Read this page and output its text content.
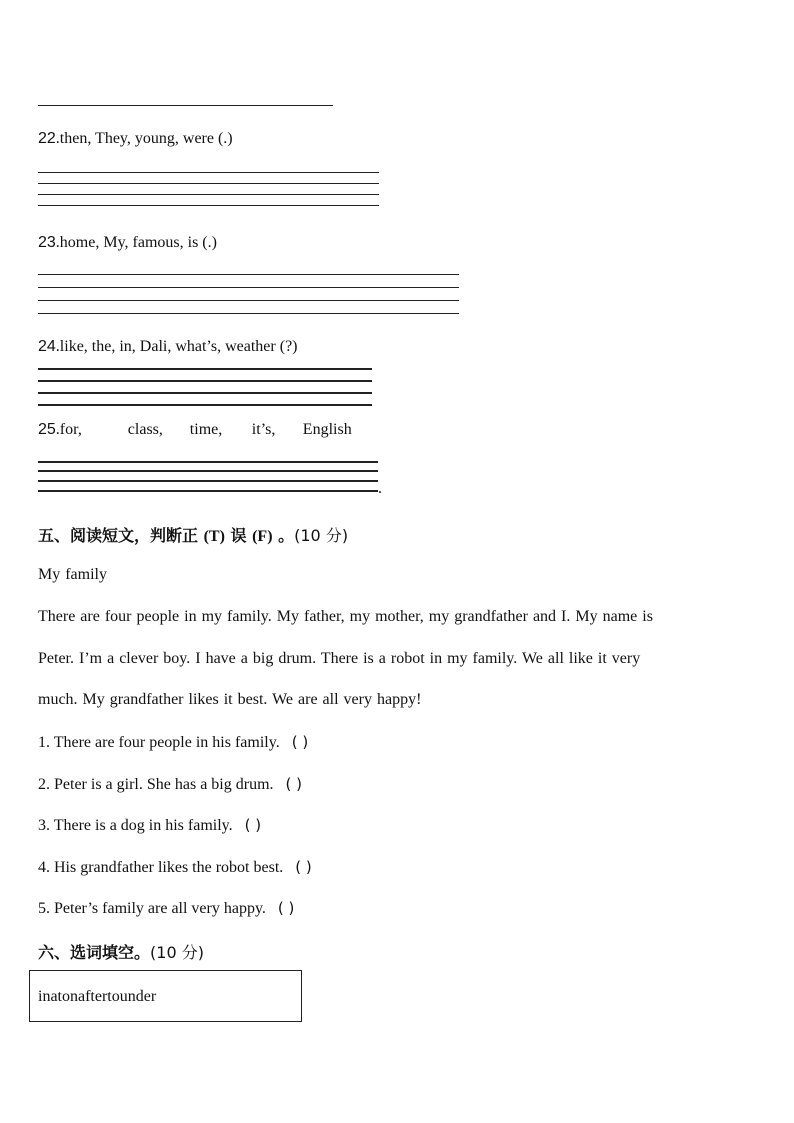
22.then, They, young, were (.)
23.home, My, famous, is (.)
24.like, the, in, Dali, what’s, weather (?)
25.for,	class, time, it’s, English
.
五、阅读短文，判断正 (T) 误 (F) 。(10 分)
My family
There are four people in my family. My father, my mother, my grandfather and I. My name is
Peter. I’m a clever boy. I have a big drum. There is a robot in my family. We all like it very
much. My grandfather likes it best. We are all very happy!
1. There are four people in his family. ( )
2. Peter is a girl. She has a big drum. ( )
3. There is a dog in his family. ( )
4. His grandfather likes the robot best. ( )
5. Peter’s family are all very happy. ( )
六、选词填空。(10 分)
inatonaftertounder
